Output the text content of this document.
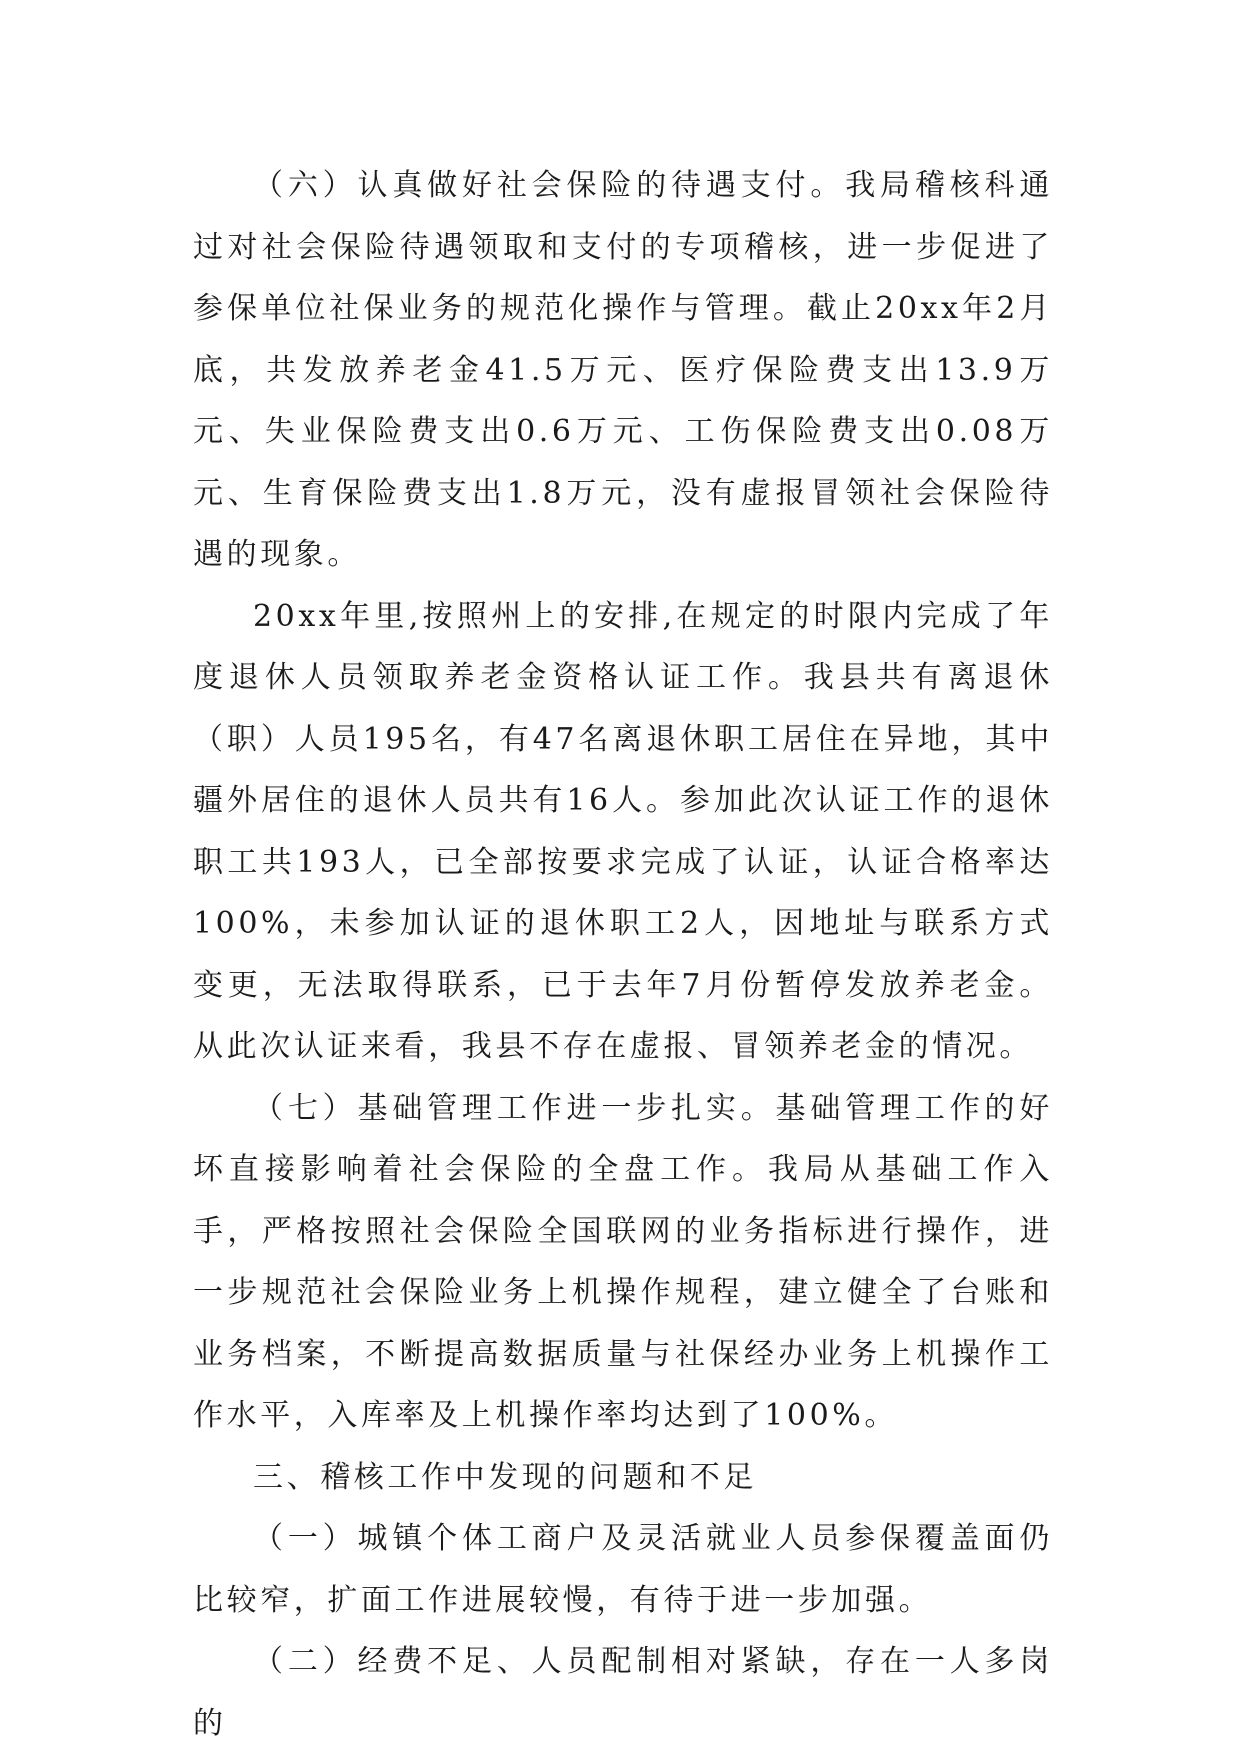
（六）认真做好社会保险的待遇支付。我局稽核科通过对社会保险待遇领取和支付的专项稽核，进一步促进了参保单位社保业务的规范化操作与管理。截止20xx年2月底，共发放养老金41.5万元、医疗保险费支出13.9万元、失业保险费支出0.6万元、工伤保险费支出0.08万元、生育保险费支出1.8万元，没有虚报冒领社会保险待遇的现象。

20xx年里,按照州上的安排,在规定的时限内完成了年度退休人员领取养老金资格认证工作。我县共有离退休（职）人员195名，有47名离退休职工居住在异地，其中疆外居住的退休人员共有16人。参加此次认证工作的退休职工共193人，已全部按要求完成了认证，认证合格率达100%，未参加认证的退休职工2人，因地址与联系方式变更，无法取得联系，已于去年7月份暂停发放养老金。从此次认证来看，我县不存在虚报、冒领养老金的情况。

（七）基础管理工作进一步扎实。基础管理工作的好坏直接影响着社会保险的全盘工作。我局从基础工作入手，严格按照社会保险全国联网的业务指标进行操作，进一步规范社会保险业务上机操作规程，建立健全了台账和业务档案，不断提高数据质量与社保经办业务上机操作工作水平，入库率及上机操作率均达到了100%。

三、稽核工作中发现的问题和不足

（一）城镇个体工商户及灵活就业人员参保覆盖面仍比较窄，扩面工作进展较慢，有待于进一步加强。

（二）经费不足、人员配制相对紧缺，存在一人多岗的
